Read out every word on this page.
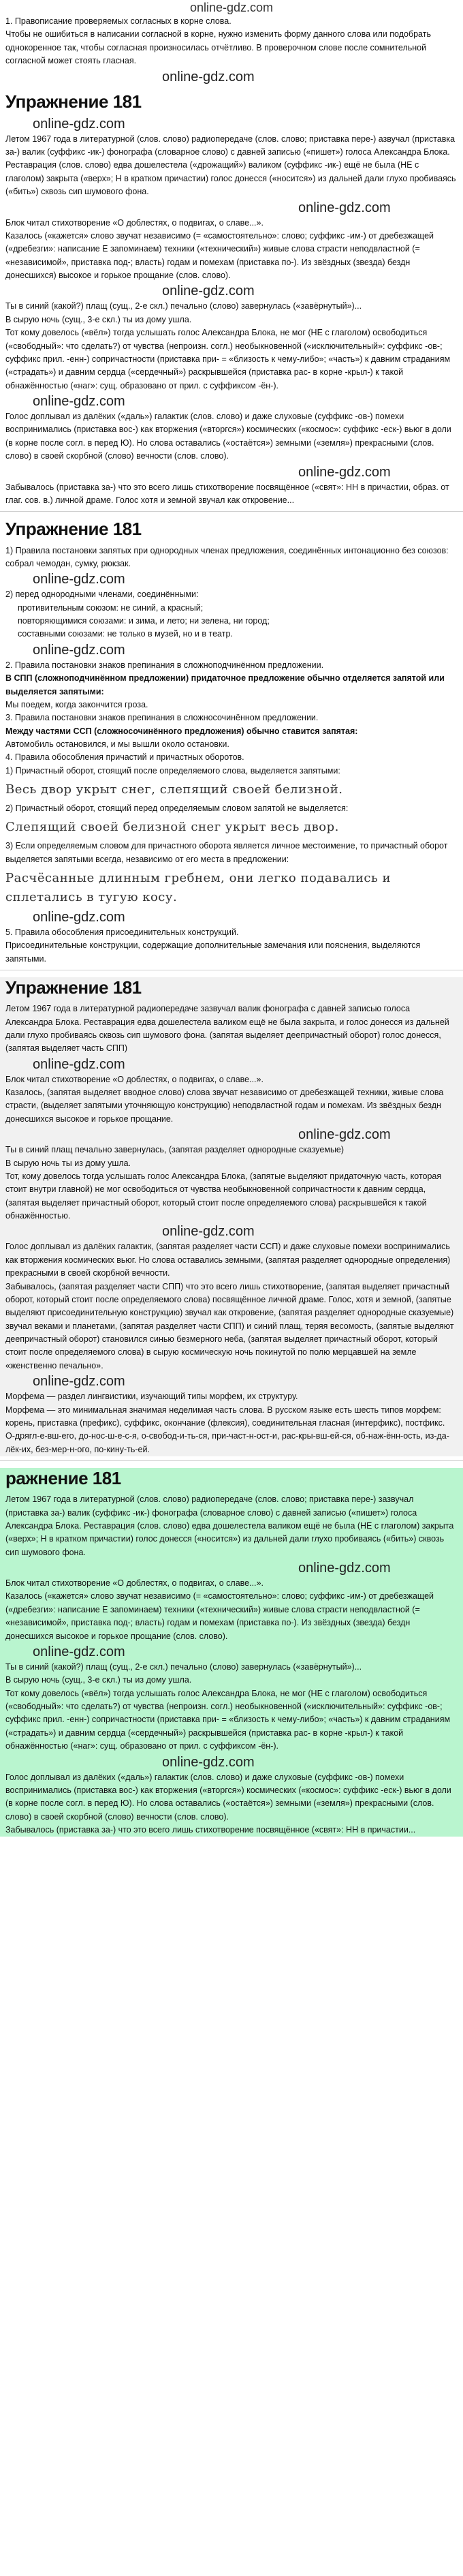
online-gdz.com

1. Правописание проверяемых согласных в корне слова.

Чтобы не ошибиться в написании согласной в корне, нужно изменить форму данного слова или подобрать однокоренное так, чтобы согласная произносилась отчётливо. В проверочном слове после сомнительной согласной может стоять гласная.

online-gdz.com
Упражнение 181
online-gdz.com

Летом 1967 года в литературной (слов. слово) радиопередаче (слов. слово; приставка пере-) азвучал (приставка за-) валик (суффикс -ик-) фонографа (словарное слово) с давней записью («пишет») голоса Александра Блока. Реставрация (слов. слово) едва дошелестела («дрожащий») валиком (суффикс -ик-) ещё не была (НЕ с глаголом) закрыта («верх»; Н в кратком причастии) голос донесся («носится») из дальней дали глухо пробиваясь («бить») сквозь сип шумового фона.

online-gdz.com

Блок читал стихотворение «О доблестях, о подвигах, о славе...».

Казалось («кажется» слово звучат независимо (= «самостоятельно»: слово; суффикс -им-) от дребезжащей («дребезги»: написание Е запоминаем) техники («технический») живые слова страсти неподвластной (= «независимой», приставка под-; власть) годам и помехам (приставка по-). Из звёздных (звезда) бездн донесшихся) высокое и горькое прощание (слов. слово).

online-gdz.com

Ты в синий (какой?) плащ (сущ., 2-е скл.) печально (слово) завернулась («завёрнутый»)...

В сырую ночь (сущ., 3-е скл.) ты из дому ушла.

Тот кому довелось («вёл») тогда услышать голос Александра Блока, не мог (НЕ с глаголом) освободиться («свободный»: что сделать?) от чувства (непроизн. согл.) необыкновенной («исключительный»: суффикс -ов-; суффикс прил. -енн-) сопричастности (приставка при- = «близость к чему-либо»; «часть») к давним страданиям («страдать») и давним сердца («сердечный») раскрывшейся (приставка рас- в корне -крыл-) к такой обнажённостью («наг»: сущ. образовано от прил. с суффиксом -ён-).

online-gdz.com

Голос доплывал из далёких («даль») галактик (слов. слово) и даже слуховые (суффикс -ов-) помехи воспринимались (приставка вос-) как вторжения («вторгся») космических («космос»: суффикс -еск-) вьюг в доли (в корне после согл. в перед Ю). Но слова оставались («остаётся») земными («земля») прекрасными (слов. слово) в своей скорбной (слово) вечности (слов. слово).

online-gdz.com

Забывалось (приставка за-) что это всего лишь стихотворение посвящённое («свят»: НН в причастии, образ. от глаг. сов. в.) личной драме. Голос хотя и земной звучал как откровение...

Упражнение 181

1) Правила постановки запятых при однородных членах предложения, соединённых интонационно без союзов: собрал чемодан, сумку, рюкзак.

online-gdz.com

2) перед однородными членами, соединёнными:

противительным союзом: не синий, а красный;

повторяющимися союзами: и зима, и лето; ни зелена, ни город;

составными союзами: не только в музей, но и в театр.

online-gdz.com

2. Правила постановки знаков препинания в сложноподчинённом предложении.

В СПП (сложноподчинённом предложении) придаточное предложение обычно отделяется запятой или выделяется запятыми:

Мы поедем, когда закончится гроза.

3. Правила постановки знаков препинания в сложносочинённом предложении.

Между частями ССП (сложносочинённого предложения) обычно ставится запятая:

Автомобиль остановился, и мы вышли около остановки.

4. Правила обособления причастий и причастных оборотов.

1) Причастный оборот, стоящий после определяемого слова, выделяется запятыми:

Весь двор укрыт снег, слепящий своей белизной.

2) Причастный оборот, стоящий перед определяемым словом запятой не выделяется:

Слепящий своей белизной снег укрыт весь двор.

3) Если определяемым словом для причастного оборота является личное местоимение, то причастный оборот выделяется запятыми всегда, независимо от его места в предложении:

Расчёсанные длинным гребнем, они легко подавались и сплетались в тугую косу.

online-gdz.com

5. Правила обособления присоединительных конструкций.

Присоединительные конструкции, содержащие дополнительные замечания или пояснения, выделяются запятыми.

Упражнение 181

Летом 1967 года в литературной радиопередаче зазвучал валик фонографа с давней записью голоса Александра Блока. Реставрация едва дошелестела валиком ещё не была закрыта, и голос донесся из дальней дали глухо пробиваясь сквозь сип шумового фона. (запятая выделяет деепричастный оборот) голос донесся, (запятая выделяет часть СПП)

online-gdz.com

Блок читал стихотворение «О доблестях, о подвигах, о славе...».

Казалось, (запятая выделяет вводное слово) слова звучат независимо от дребезжащей техники, живые слова страсти, (выделяет запятыми уточняющую конструкцию) неподвластной годам и помехам. Из звёздных бездн донесшихся высокое и горькое прощание.

online-gdz.com

Ты в синий плащ печально завернулась, (запятая разделяет однородные сказуемые)

В сырую ночь ты из дому ушла.

Тот, кому довелось тогда услышать голос Александра Блока, (запятые выделяют придаточную часть, которая стоит внутри главной) не мог освободиться от чувства необыкновенной сопричастности к давним сердца, (запятая выделяет причастный оборот, который стоит после определяемого слова) раскрывшейся к такой обнажённостью.

online-gdz.com

Голос доплывал из далёких галактик, (запятая разделяет части ССП) и даже слуховые помехи воспринимались как вторжения космических вьюг. Но слова оставались земными, (запятая разделяет однородные определения) прекрасными в своей скорбной вечности.

Забывалось, (запятая разделяет части СПП) что это всего лишь стихотворение, (запятая выделяет причастный оборот, который стоит после определяемого слова) посвящённое личной драме. Голос, хотя и земной, (запятые выделяют присоединительную конструкцию) звучал как откровение, (запятая разделяет однородные сказуемые) звучал веками и планетами, (запятая разделяет части СПП) и синий плащ, теряя весомость, (запятые выделяют деепричастный оборот) становился синью безмерного неба, (запятая выделяет причастный оборот, который стоит после определяемого слова) в сырую космическую ночь покинутой по полю мерцавшей на земле «женственно печально».

online-gdz.com

Морфема — раздел лингвистики, изучающий типы морфем, их структуру.

Морфема — это минимальная значимая неделимая часть слова. В русском языке есть шесть типов морфем: корень, приставка (префикс), суффикс, окончание (флексия), соединительная гласная (интерфикс), постфикс.

О-дрягл-е-вш-его, до-нос-ш-е-с-я, о-свобод-и-ть-ся, при-част-н-ост-и, рас-кры-вш-ей-ся, об-наж-ённ-ость, из-да-лёк-их, без-мер-н-ого, по-кину-ть-ей.

ражнение 181

Летом 1967 года в литературной (слов. слово) радиопередаче (слов. слово; приставка пере-) зазвучал (приставка за-) валик (суффикс -ик-) фонографа (словарное слово) с давней записью («пишет») голоса Александра Блока. Реставрация (слов. слово) едва дошелестела валиком ещё не была (НЕ с глаголом) закрыта («верх»; Н в кратком причастии) голос донесся («носится») из дальней дали глухо пробиваясь («бить») сквозь сип шумового фона.

online-gdz.com

Блок читал стихотворение «О доблестях, о подвигах, о славе...».

Казалось («кажется» слово звучат независимо (= «самостоятельно»: слово; суффикс -им-) от дребезжащей («дребезги»: написание Е запоминаем) техники («технический») живые слова страсти неподвластной (= «независимой», приставка под-; власть) годам и помехам (приставка по-). Из звёздных (звезда) бездн донесшихся высокое и горькое прощание (слов. слово).

online-gdz.com

Ты в синий (какой?) плащ (сущ., 2-е скл.) печально (слово) завернулась («завёрнутый»)...

В сырую ночь (сущ., 3-е скл.) ты из дому ушла.

Тот кому довелось («вёл») тогда услышать голос Александра Блока, не мог (НЕ с глаголом) освободиться («свободный»: что сделать?) от чувства (непроизн. согл.) необыкновенной («исключительный»: суффикс -ов-; суффикс прил. -енн-) сопричастности (приставка при- = «близость к чему-либо»; «часть») к давним страданиям («страдать») и давним сердца («сердечный») раскрывшейся (приставка рас- в корне -крыл-) к такой обнажённостью («наг»: сущ. образовано от прил. с суффиксом -ён-).

online-gdz.com

Голос доплывал из далёких («даль») галактик (слов. слово) и даже слуховые (суффикс -ов-) помехи воспринимались (приставка вос-) как вторжения («вторгся») космических («космос»: суффикс -еск-) вьюг в доли (в корне после согл. в перед Ю). Но слова оставались («остаётся») земными («земля») прекрасными (слов. слово) в своей скорбной (слово) вечности (слов. слово).

Забывалось (приставка за-) что это всего лишь стихотворение посвящённое («свят»: НН в причастии...
